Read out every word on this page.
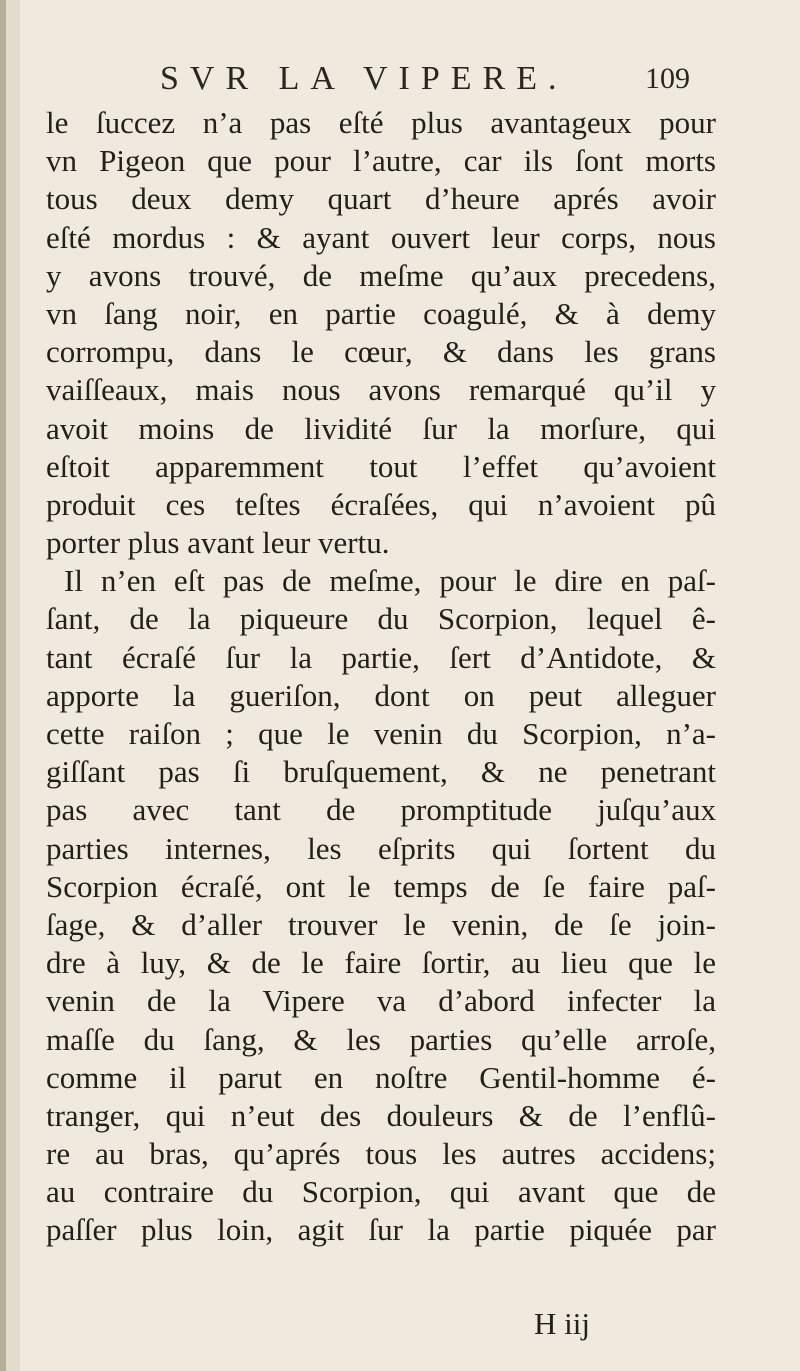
SVR LA VIPERE.	109
le ſuccez n’a pas eſté plus avantageux pour
vn Pigeon que pour l’autre, car ils ſont morts
tous deux demy quart d’heure aprés avoir
eſté mordus : & ayant ouvert leur corps, nous
y avons trouvé, de meſme qu’aux precedens,
vn ſang noir, en partie coagulé, & à demy
corrompu, dans le cœur, & dans les grans
vaiſſeaux, mais nous avons remarqué qu’il y
avoit moins de lividité ſur la morſure, qui
eſtoit apparemment tout l’effet qu’avoient
produit ces teſtes écraſées, qui n’avoient pû
porter plus avant leur vertu.
Il n’en eſt pas de meſme, pour le dire en paſ-
ſant, de la piqueure du Scorpion, lequel ê-
tant écraſé ſur la partie, ſert d’Antidote, &
apporte la gueriſon, dont on peut alleguer
cette raiſon ; que le venin du Scorpion, n’a-
giſſant pas ſi bruſquement, & ne penetrant
pas avec tant de promptitude juſqu’aux
parties internes, les eſprits qui ſortent du
Scorpion écraſé, ont le temps de ſe faire paſ-
ſage, & d’aller trouver le venin, de ſe join-
dre à luy, & de le faire ſortir, au lieu que le
venin de la Vipere va d’abord infecter la
maſſe du ſang, & les parties qu’elle arroſe,
comme il parut en noſtre Gentil-homme é-
tranger, qui n’eut des douleurs & de l’enflû-
re au bras, qu’aprés tous les autres accidens;
au contraire du Scorpion, qui avant que de
paſſer plus loin, agit ſur la partie piquée par
H iij
